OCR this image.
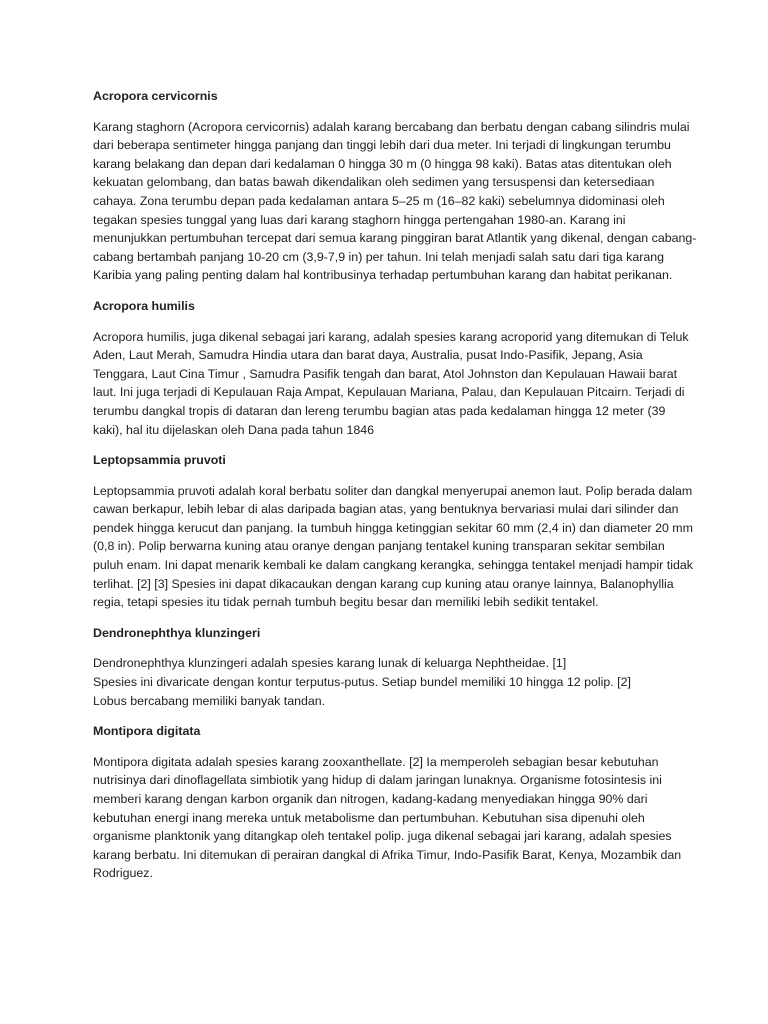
Acropora cervicornis

Karang staghorn (Acropora cervicornis) adalah karang bercabang dan berbatu dengan cabang silindris mulai dari beberapa sentimeter hingga panjang dan tinggi lebih dari dua meter. Ini terjadi di lingkungan terumbu karang belakang dan depan dari kedalaman 0 hingga 30 m (0 hingga 98 kaki). Batas atas ditentukan oleh kekuatan gelombang, dan batas bawah dikendalikan oleh sedimen yang tersuspensi dan ketersediaan cahaya. Zona terumbu depan pada kedalaman antara 5–25 m (16–82 kaki) sebelumnya didominasi oleh tegakan spesies tunggal yang luas dari karang staghorn hingga pertengahan 1980-an. Karang ini menunjukkan pertumbuhan tercepat dari semua karang pinggiran barat Atlantik yang dikenal, dengan cabang-cabang bertambah panjang 10-20 cm (3,9-7,9 in) per tahun. Ini telah menjadi salah satu dari tiga karang Karibia yang paling penting dalam hal kontribusinya terhadap pertumbuhan karang dan habitat perikanan.

Acropora humilis

Acropora humilis, juga dikenal sebagai jari karang, adalah spesies karang acroporid yang ditemukan di Teluk Aden, Laut Merah, Samudra Hindia utara dan barat daya, Australia, pusat Indo-Pasifik, Jepang, Asia Tenggara, Laut Cina Timur , Samudra Pasifik tengah dan barat, Atol Johnston dan Kepulauan Hawaii barat laut. Ini juga terjadi di Kepulauan Raja Ampat, Kepulauan Mariana, Palau, dan Kepulauan Pitcairn. Terjadi di terumbu dangkal tropis di dataran dan lereng terumbu bagian atas pada kedalaman hingga 12 meter (39 kaki), hal itu dijelaskan oleh Dana pada tahun 1846

Leptopsammia pruvoti

Leptopsammia pruvoti adalah koral berbatu soliter dan dangkal menyerupai anemon laut. Polip berada dalam cawan berkapur, lebih lebar di alas daripada bagian atas, yang bentuknya bervariasi mulai dari silinder dan pendek hingga kerucut dan panjang. Ia tumbuh hingga ketinggian sekitar 60 mm (2,4 in) dan diameter 20 mm (0,8 in). Polip berwarna kuning atau oranye dengan panjang tentakel kuning transparan sekitar sembilan puluh enam. Ini dapat menarik kembali ke dalam cangkang kerangka, sehingga tentakel menjadi hampir tidak terlihat. [2] [3] Spesies ini dapat dikacaukan dengan karang cup kuning atau oranye lainnya, Balanophyllia regia, tetapi spesies itu tidak pernah tumbuh begitu besar dan memiliki lebih sedikit tentakel.

Dendronephthya klunzingeri

Dendronephthya klunzingeri adalah spesies karang lunak di keluarga Nephtheidae. [1]
Spesies ini divaricate dengan kontur terputus-putus. Setiap bundel memiliki 10 hingga 12 polip. [2]
Lobus bercabang memiliki banyak tandan.

Montipora digitata

Montipora digitata adalah spesies karang zooxanthellate. [2] Ia memperoleh sebagian besar kebutuhan nutrisinya dari dinoflagellata simbiotik yang hidup di dalam jaringan lunaknya. Organisme fotosintesis ini memberi karang dengan karbon organik dan nitrogen, kadang-kadang menyediakan hingga 90% dari kebutuhan energi inang mereka untuk metabolisme dan pertumbuhan. Kebutuhan sisa dipenuhi oleh organisme planktonik yang ditangkap oleh tentakel polip. juga dikenal sebagai jari karang, adalah spesies karang berbatu. Ini ditemukan di perairan dangkal di Afrika Timur, Indo-Pasifik Barat, Kenya, Mozambik dan Rodriguez.
